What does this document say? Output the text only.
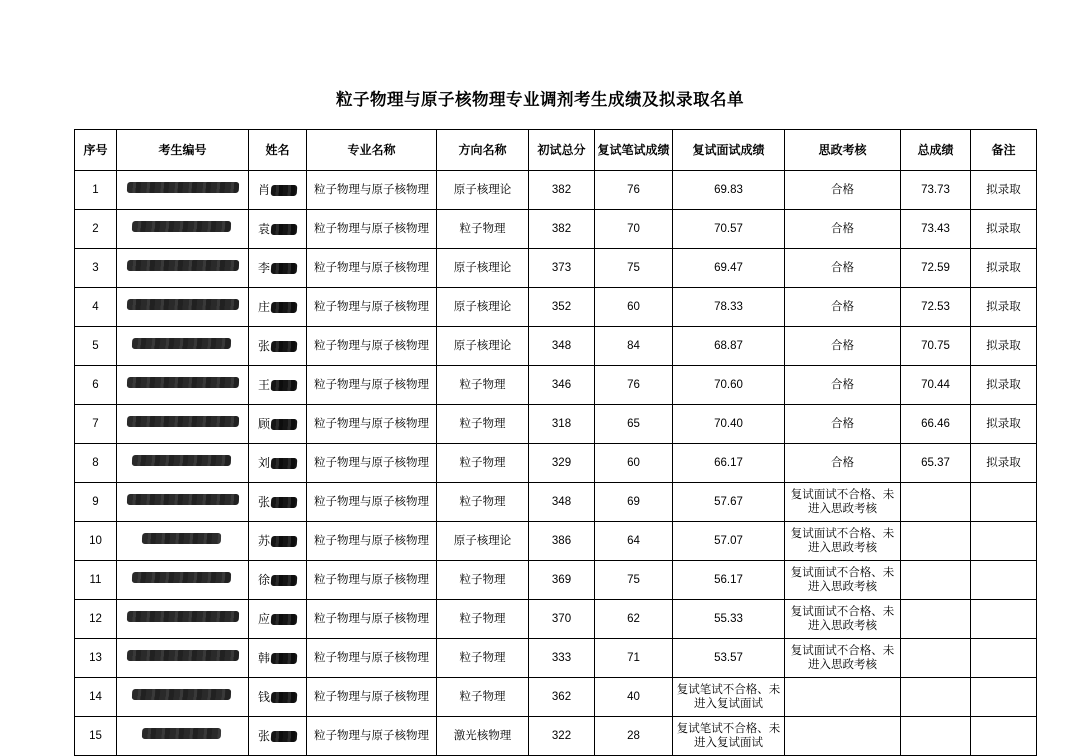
粒子物理与原子核物理专业调剂考生成绩及拟录取名单
序号	考生编号	姓名	专业名称	方向名称	初试总分	复试笔试成绩	复试面试成绩	思政考核	总成绩	备注
1		肖	粒子物理与原子核物理	原子核理论	382	76	69.83	合格	73.73	拟录取
2		袁	粒子物理与原子核物理	粒子物理	382	70	70.57	合格	73.43	拟录取
3		李	粒子物理与原子核物理	原子核理论	373	75	69.47	合格	72.59	拟录取
4		庄	粒子物理与原子核物理	原子核理论	352	60	78.33	合格	72.53	拟录取
5		张	粒子物理与原子核物理	原子核理论	348	84	68.87	合格	70.75	拟录取
6		王	粒子物理与原子核物理	粒子物理	346	76	70.60	合格	70.44	拟录取
7		顾	粒子物理与原子核物理	粒子物理	318	65	70.40	合格	66.46	拟录取
8		刘	粒子物理与原子核物理	粒子物理	329	60	66.17	合格	65.37	拟录取
9		张	粒子物理与原子核物理	粒子物理	348	69	57.67	复试面试不合格、未进入思政考核		
10		苏	粒子物理与原子核物理	原子核理论	386	64	57.07	复试面试不合格、未进入思政考核		
11		徐	粒子物理与原子核物理	粒子物理	369	75	56.17	复试面试不合格、未进入思政考核		
12		应	粒子物理与原子核物理	粒子物理	370	62	55.33	复试面试不合格、未进入思政考核		
13		韩	粒子物理与原子核物理	粒子物理	333	71	53.57	复试面试不合格、未进入思政考核		
14		钱	粒子物理与原子核物理	粒子物理	362	40	复试笔试不合格、未进入复试面试			
15		张	粒子物理与原子核物理	激光核物理	322	28	复试笔试不合格、未进入复试面试			
